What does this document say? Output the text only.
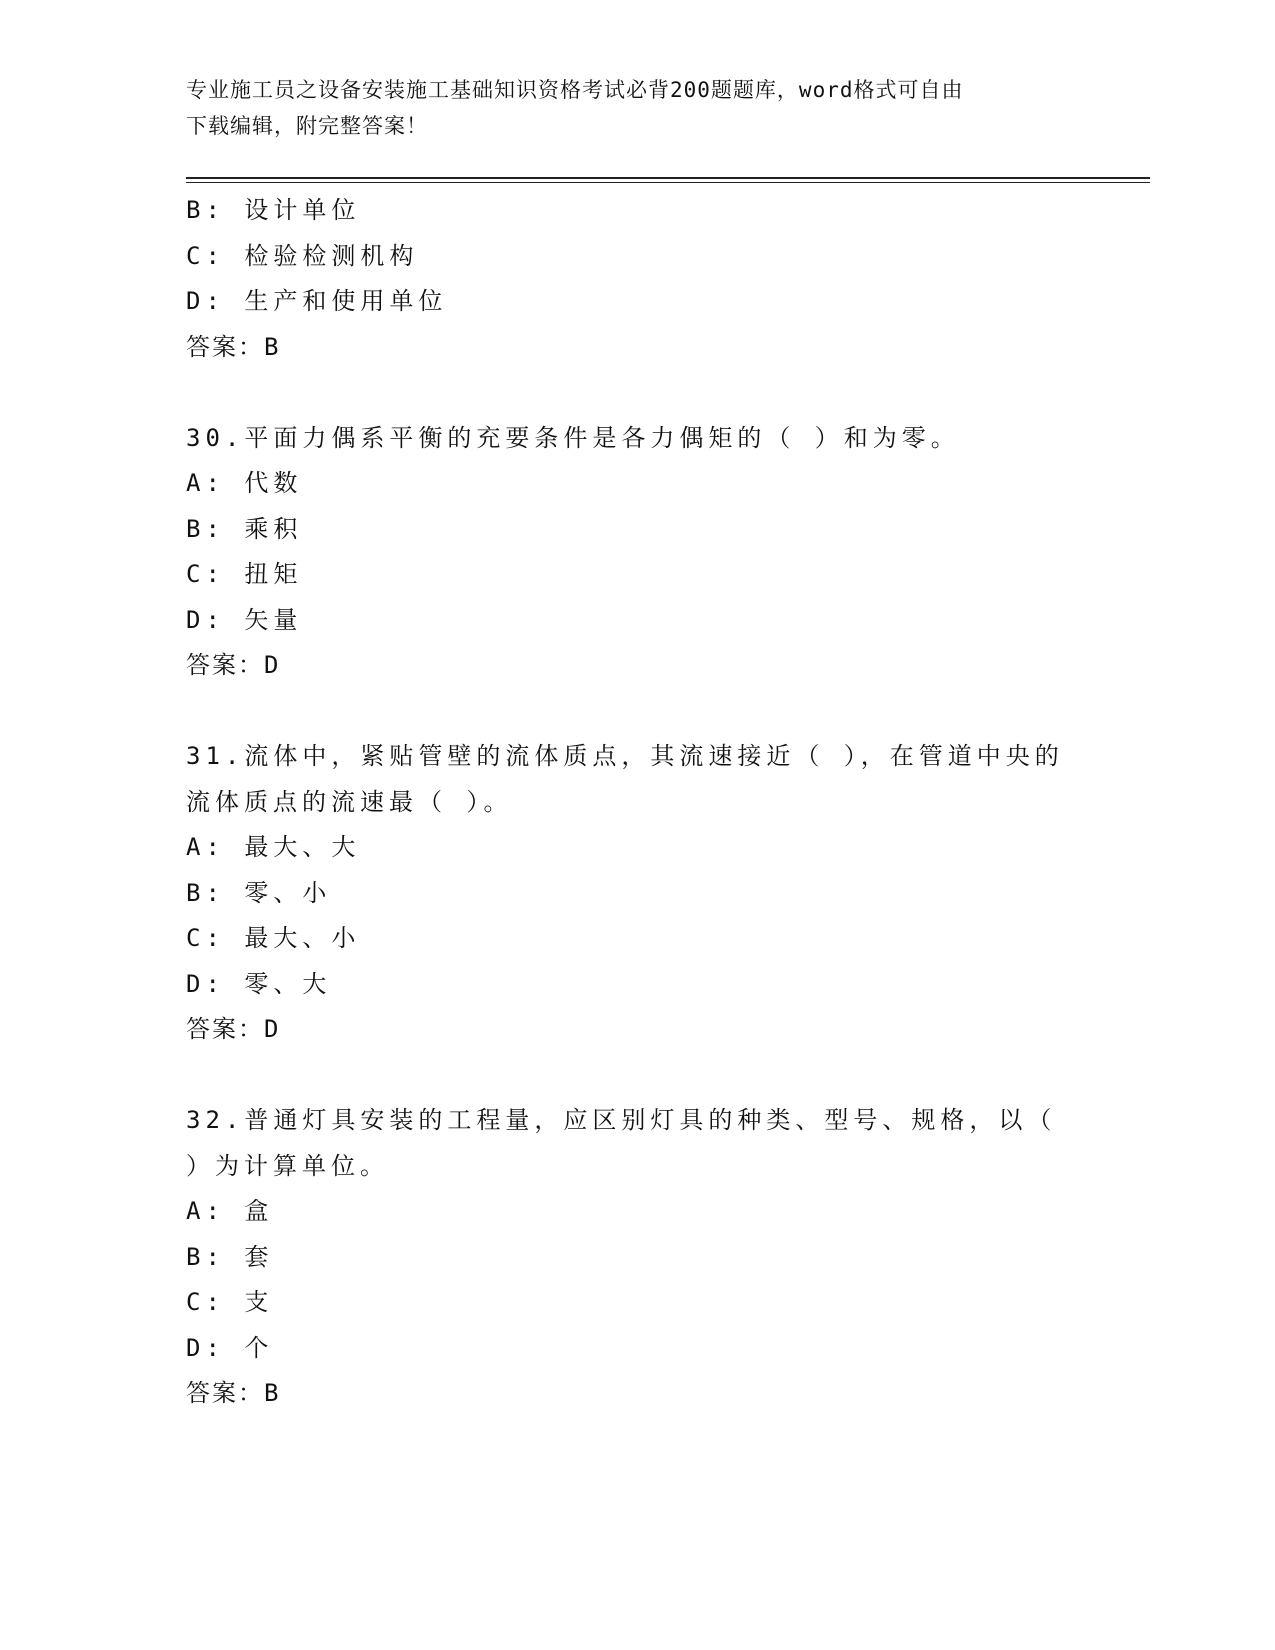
专业施工员之设备安装施工基础知识资格考试必背200题题库，word格式可自由
下载编辑，附完整答案！
B: 设计单位
C: 检验检测机构
D: 生产和使用单位
答案：B
30.平面力偶系平衡的充要条件是各力偶矩的（ ）和为零。
A: 代数
B: 乘积
C: 扭矩
D: 矢量
答案：D
31.流体中，紧贴管壁的流体质点，其流速接近（ ），在管道中央的
流体质点的流速最（ ）。
A: 最大、大
B: 零、小
C: 最大、小
D: 零、大
答案：D
32.普通灯具安装的工程量，应区别灯具的种类、型号、规格，以（
）为计算单位。
A: 盒
B: 套
C: 支
D: 个
答案：B
